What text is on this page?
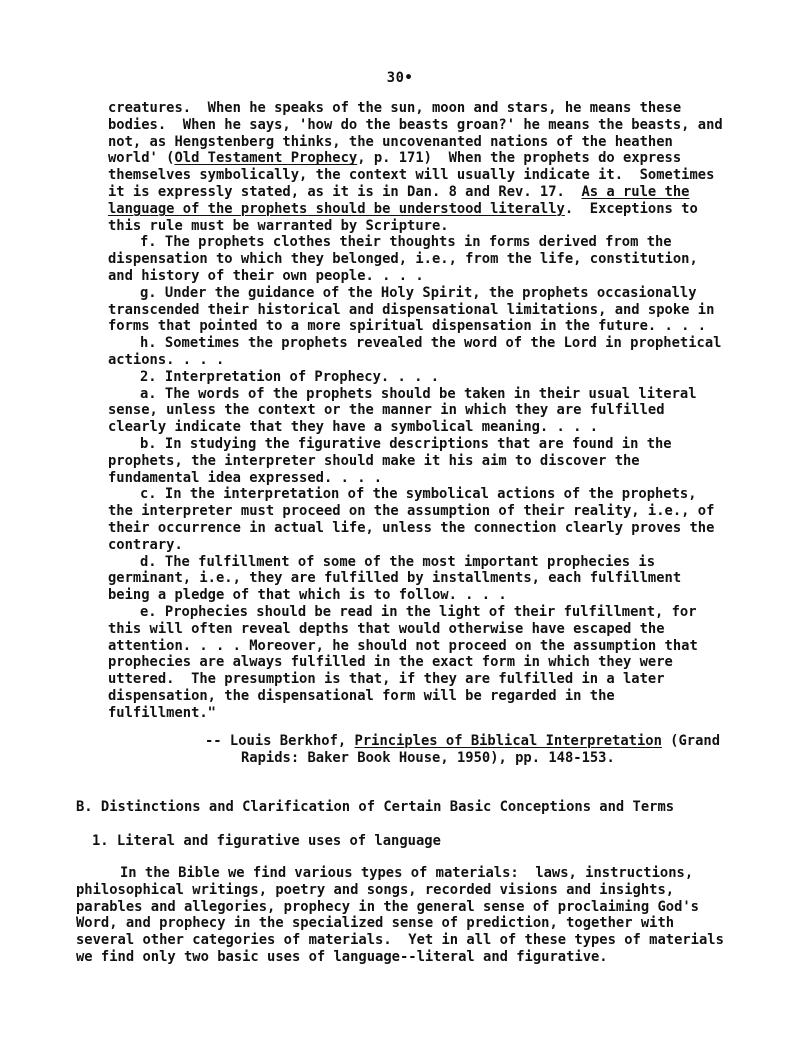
30•
creatures.  When he speaks of the sun, moon and stars, he means these
bodies.  When he says, 'how do the beasts groan?' he means the beasts, and
not, as Hengstenberg thinks, the uncovenanted nations of the heathen
world' (Old Testament Prophecy, p. 171)  When the prophets do express
themselves symbolically, the context will usually indicate it.  Sometimes
it is expressly stated, as it is in Dan. 8 and Rev. 17.  As a rule the
language of the prophets should be understood literally.  Exceptions to
this rule must be warranted by Scripture.
f. The prophets clothes their thoughts in forms derived from the
dispensation to which they belonged, i.e., from the life, constitution,
and history of their own people. . . .
g. Under the guidance of the Holy Spirit, the prophets occasionally
transcended their historical and dispensational limitations, and spoke in
forms that pointed to a more spiritual dispensation in the future. . . .
h. Sometimes the prophets revealed the word of the Lord in prophetical
actions. . . .
2. Interpretation of Prophecy. . . .
a. The words of the prophets should be taken in their usual literal
sense, unless the context or the manner in which they are fulfilled
clearly indicate that they have a symbolical meaning. . . .
b. In studying the figurative descriptions that are found in the
prophets, the interpreter should make it his aim to discover the
fundamental idea expressed. . . .
c. In the interpretation of the symbolical actions of the prophets,
the interpreter must proceed on the assumption of their reality, i.e., of
their occurrence in actual life, unless the connection clearly proves the
contrary.
d. The fulfillment of some of the most important prophecies is
germinant, i.e., they are fulfilled by installments, each fulfillment
being a pledge of that which is to follow. . . .
e. Prophecies should be read in the light of their fulfillment, for
this will often reveal depths that would otherwise have escaped the
attention. . . . Moreover, he should not proceed on the assumption that
prophecies are always fulfilled in the exact form in which they were
uttered.  The presumption is that, if they are fulfilled in a later
dispensation, the dispensational form will be regarded in the
fulfillment."
-- Louis Berkhof, Principles of Biblical Interpretation (Grand
Rapids: Baker Book House, 1950), pp. 148-153.
B. Distinctions and Clarification of Certain Basic Conceptions and Terms
1. Literal and figurative uses of language
In the Bible we find various types of materials:  laws, instructions,
philosophical writings, poetry and songs, recorded visions and insights,
parables and allegories, prophecy in the general sense of proclaiming God's
Word, and prophecy in the specialized sense of prediction, together with
several other categories of materials.  Yet in all of these types of materials
we find only two basic uses of language--literal and figurative.
